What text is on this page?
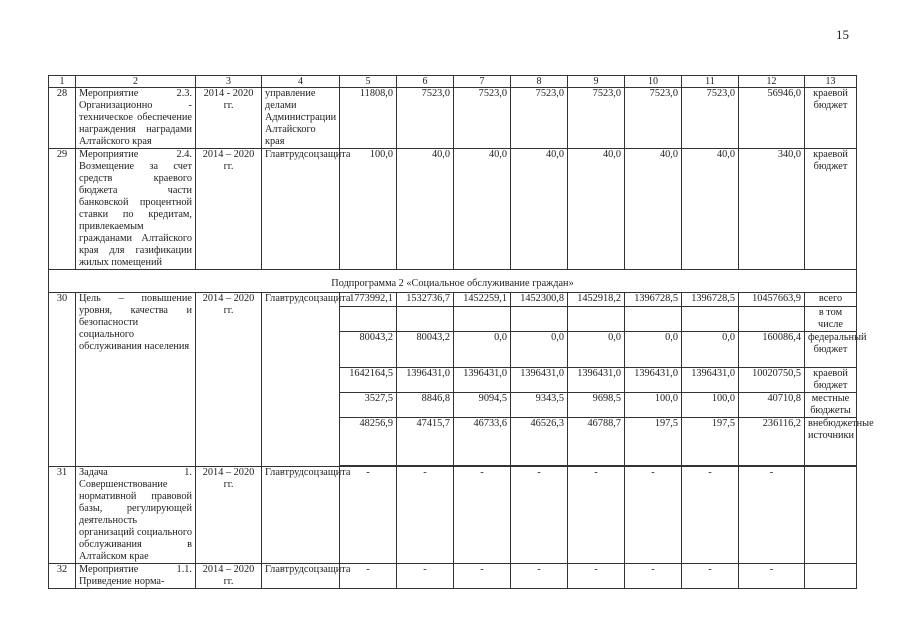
15
1	2	3	4	5	6	7	8	9	10	11	12	13
28	Мероприятие 2.3. Организационно - техническое обеспечение награждения наградами Алтайского края	2014 - 2020 гг.	управление делами Администрации Алтайского края	11808,0	7523,0	7523,0	7523,0	7523,0	7523,0	7523,0	56946,0	краевой бюджет
29	Мероприятие 2.4. Возмещение за счет средств краевого бюджета части банковской процентной ставки по кредитам, привлекаемым гражданами Алтайского края для газификации жилых помещений	2014 – 2020 гг.	Главтрудсоцзащита	100,0	40,0	40,0	40,0	40,0	40,0	40,0	340,0	краевой бюджет
Подпрограмма 2 «Социальное обслуживание граждан»												
30	Цель – повышение уровня, качества и безопасности социального обслуживания населения	2014 – 2020 гг.	Главтрудсоцзащита	1773992,1	1532736,7	1452259,1	1452300,8	1452918,2	1396728,5	1396728,5	10457663,9	всего
												в том числе
				80043,2	80043,2	0,0	0,0	0,0	0,0	0,0	160086,4	федеральный бюджет
				1642164,5	1396431,0	1396431,0	1396431,0	1396431,0	1396431,0	1396431,0	10020750,5	краевой бюджет
				3527,5	8846,8	9094,5	9343,5	9698,5	100,0	100,0	40710,8	местные бюджеты
				48256,9	47415,7	46733,6	46526,3	46788,7	197,5	197,5	236116,2	внебюджетные источники

31	Задача 1. Совершенствование нормативной правовой базы, регулирующей деятельность организаций социального обслуживания в Алтайском крае	2014 – 2020 гг.	Главтрудсоцзащита	-	-	-	-	-	-	-	-	
32	Мероприятие 1.1. Приведение норма-	2014 – 2020 гг.	Главтрудсоцзащита	-	-	-	-	-	-	-	-	
